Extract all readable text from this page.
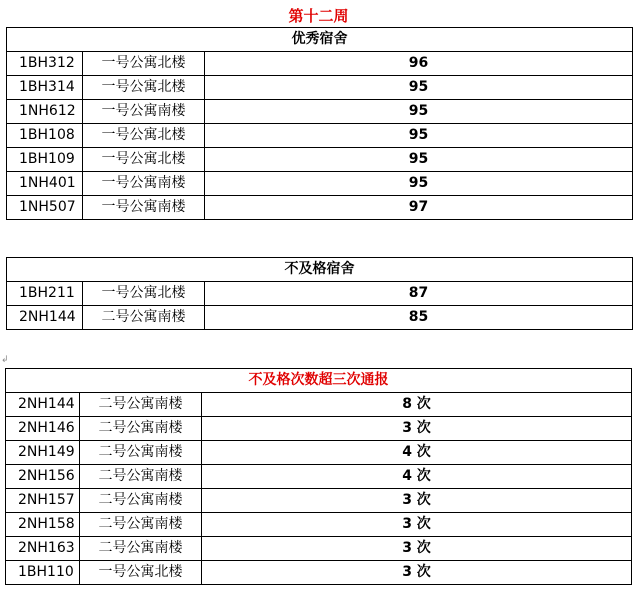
↲
第十二周
优秀宿舍		
1BH312	一号公寓北楼	96
1BH314	一号公寓北楼	95
1NH612	一号公寓南楼	95
1BH108	一号公寓北楼	95
1BH109	一号公寓北楼	95
1NH401	一号公寓南楼	95
1NH507	一号公寓南楼	97
不及格宿舍		
1BH211	一号公寓北楼	87
2NH144	二号公寓南楼	85
不及格次数超三次通报		
2NH144	二号公寓南楼	8 次
2NH146	二号公寓南楼	3 次
2NH149	二号公寓南楼	4 次
2NH156	二号公寓南楼	4 次
2NH157	二号公寓南楼	3 次
2NH158	二号公寓南楼	3 次
2NH163	二号公寓南楼	3 次
1BH110	一号公寓北楼	3 次
